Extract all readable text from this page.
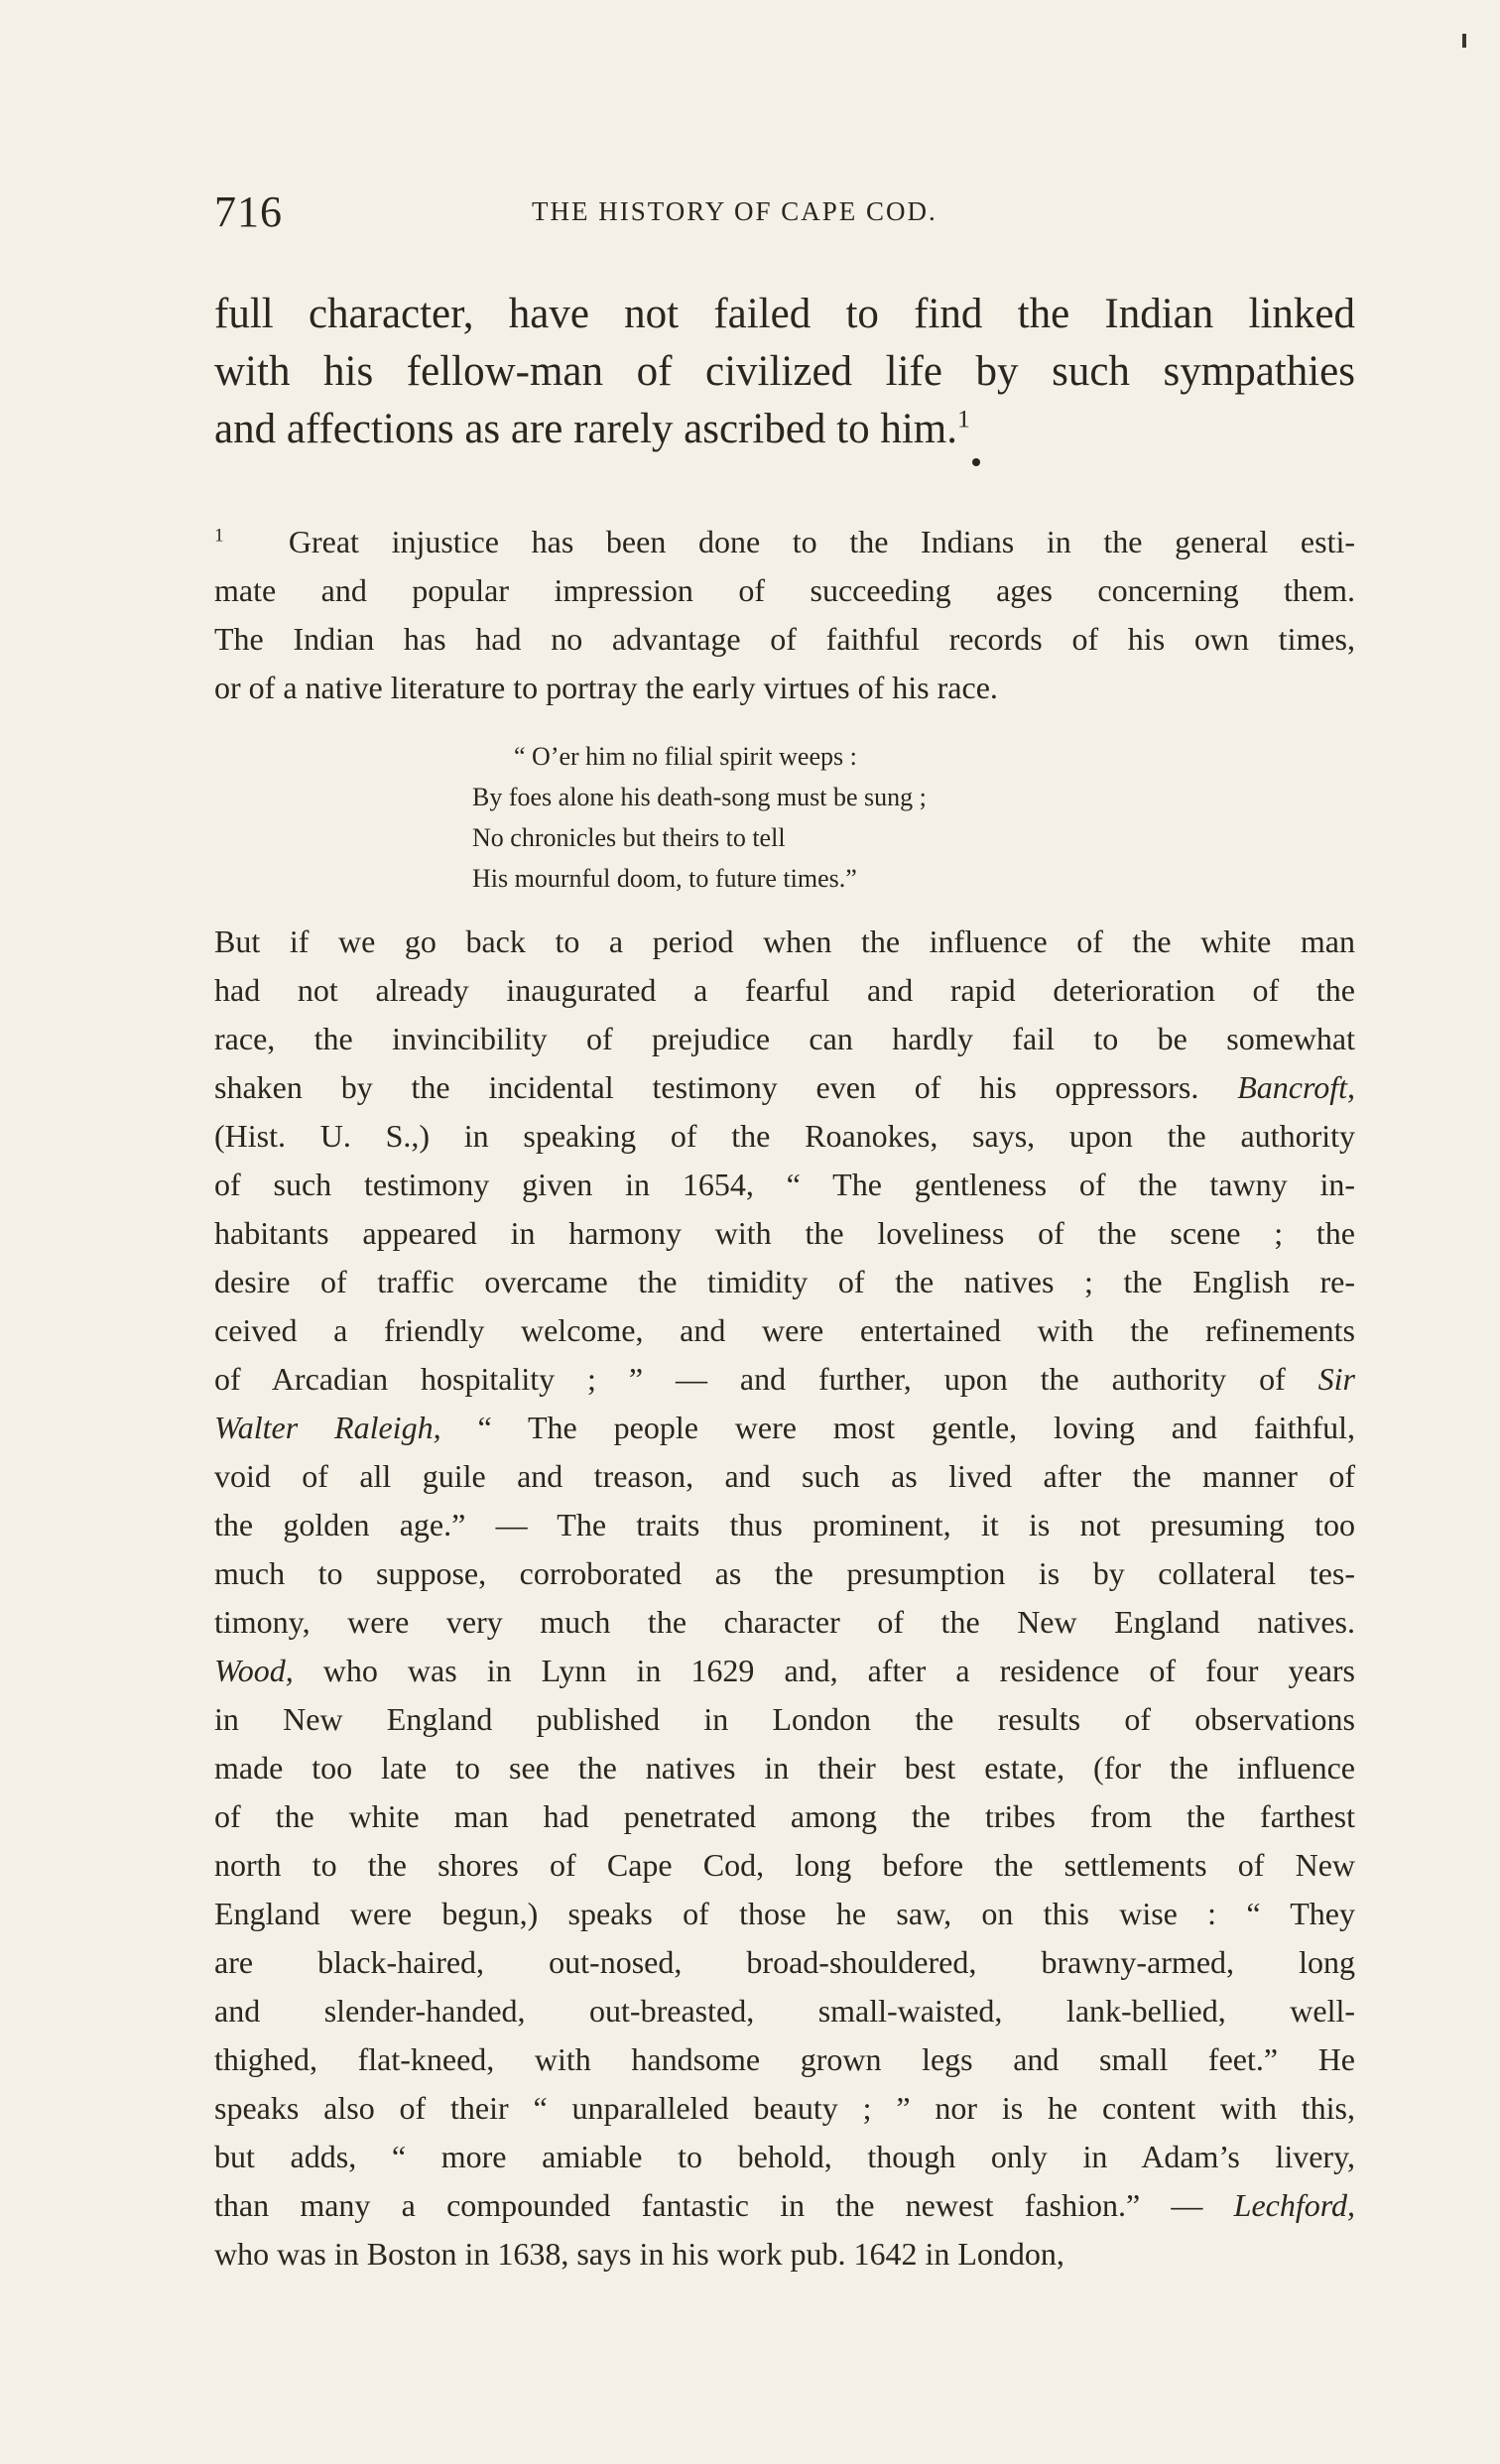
716	THE HISTORY OF CAPE COD.
full character, have not failed to find the Indian linked
with his fellow-man of civilized life by such sympathies
and affections as are rarely ascribed to him.$^1$
$^1$ Great injustice has been done to the Indians in the general esti-
mate and popular impression of succeeding ages concerning them.
The Indian has had no advantage of faithful records of his own times,
or of a native literature to portray the early virtues of his race.
“ O’er him no filial spirit weeps :
By foes alone his death-song must be sung ;
No chronicles but theirs to tell
His mournful doom, to future times.”
But if we go back to a period when the influence of the white man
had not already inaugurated a fearful and rapid deterioration of the
race, the invincibility of prejudice can hardly fail to be somewhat
shaken by the incidental testimony even of his oppressors. Bancroft,
(Hist. U. S.,) in speaking of the Roanokes, says, upon the authority
of such testimony given in 1654, “ The gentleness of the tawny in-
habitants appeared in harmony with the loveliness of the scene ; the
desire of traffic overcame the timidity of the natives ; the English re-
ceived a friendly welcome, and were entertained with the refinements
of Arcadian hospitality ; ” — and further, upon the authority of Sir
Walter Raleigh, “ The people were most gentle, loving and faithful,
void of all guile and treason, and such as lived after the manner of
the golden age.” — The traits thus prominent, it is not presuming too
much to suppose, corroborated as the presumption is by collateral tes-
timony, were very much the character of the New England natives.
Wood, who was in Lynn in 1629 and, after a residence of four years
in New England published in London the results of observations
made too late to see the natives in their best estate, (for the influence
of the white man had penetrated among the tribes from the farthest
north to the shores of Cape Cod, long before the settlements of New
England were begun,) speaks of those he saw, on this wise : “ They
are black-haired, out-nosed, broad-shouldered, brawny-armed, long
and slender-handed, out-breasted, small-waisted, lank-bellied, well-
thighed, flat-kneed, with handsome grown legs and small feet.” He
speaks also of their “ unparalleled beauty ; ” nor is he content with this,
but adds, “ more amiable to behold, though only in Adam’s livery,
than many a compounded fantastic in the newest fashion.” — Lechford,
who was in Boston in 1638, says in his work pub. 1642 in London,
